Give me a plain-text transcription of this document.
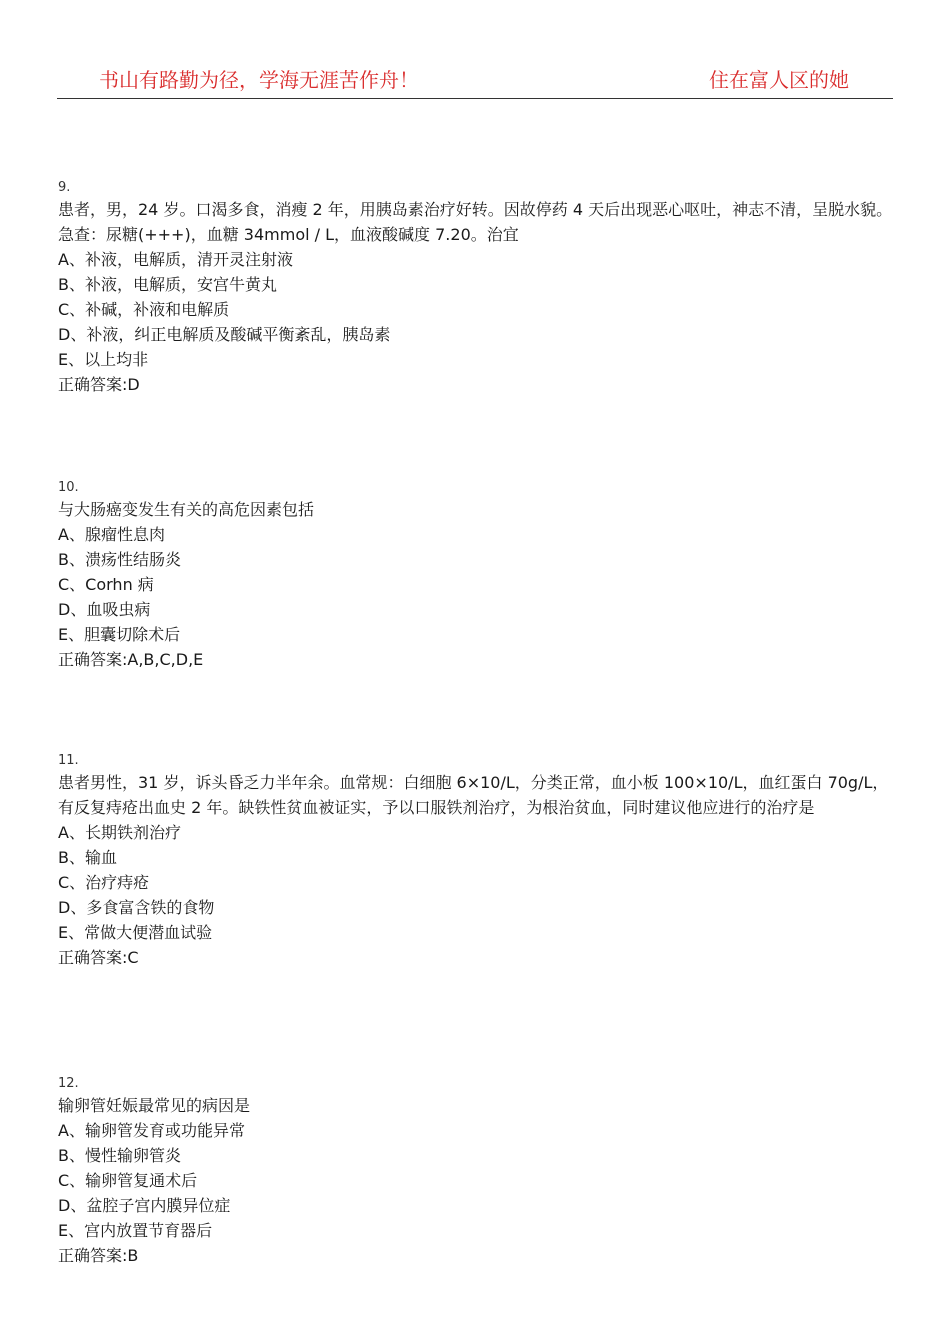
书山有路勤为径，学海无涯苦作舟！	住在富人区的她
9.
患者，男，24 岁。口渴多食，消瘦 2 年，用胰岛素治疗好转。因故停药 4 天后出现恶心呕吐，神志不清，呈脱水貌。急查：尿糖(+++)，血糖 34mmol / L，血液酸碱度 7.20。治宜
A、补液，电解质，清开灵注射液
B、补液，电解质，安宫牛黄丸
C、补碱，补液和电解质
D、补液，纠正电解质及酸碱平衡紊乱，胰岛素
E、以上均非
正确答案:D
10.
与大肠癌变发生有关的高危因素包括
A、腺瘤性息肉
B、溃疡性结肠炎
C、Corhn 病
D、血吸虫病
E、胆囊切除术后
正确答案:A,B,C,D,E
11.
患者男性，31 岁，诉头昏乏力半年余。血常规：白细胞 6×10/L，分类正常，血小板 100×10/L，血红蛋白 70g/L，有反复痔疮出血史 2 年。缺铁性贫血被证实，予以口服铁剂治疗，为根治贫血，同时建议他应进行的治疗是
A、长期铁剂治疗
B、输血
C、治疗痔疮
D、多食富含铁的食物
E、常做大便潜血试验
正确答案:C
12.
输卵管妊娠最常见的病因是
A、输卵管发育或功能异常
B、慢性输卵管炎
C、输卵管复通术后
D、盆腔子宫内膜异位症
E、宫内放置节育器后
正确答案:B
